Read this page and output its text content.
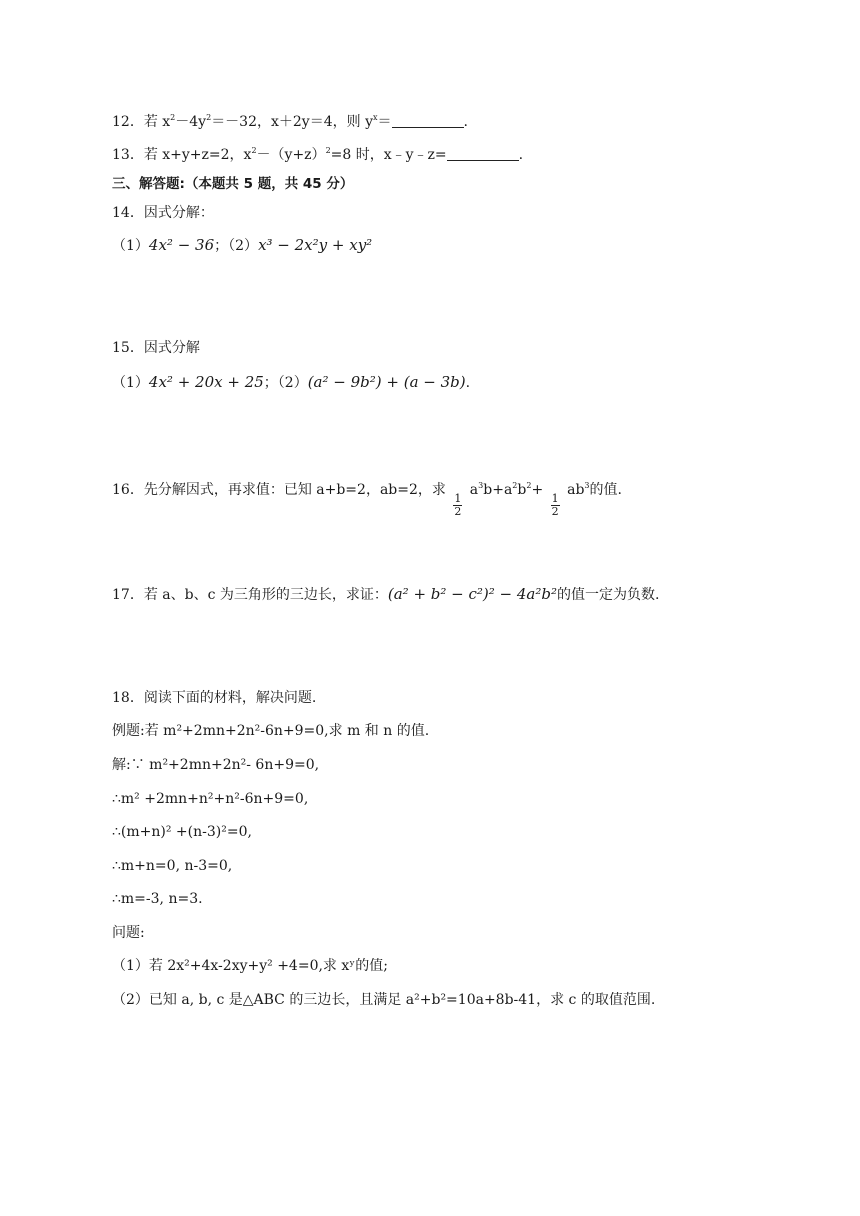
12．若 $x^2-4y^2=-32$，x＋2y＝4，则 $y^x=$	.
13．若 x+y+z=2，$x^2-(y+z)^2=8$ 时，x﹣y﹣z=	.
三、解答题:（本题共 5 题，共 45 分）
14．因式分解：
（1）4x² − 36；（2）x³ − 2x²y + xy²
15．因式分解
（1）4x² + 20x + 25；（2）(a² − 9b²) + (a − 3b).
16．先分解因式，再求值：已知 a+b=2，ab=2，求
$\frac{1}{2}$
$a^3b+a^2b^2+$
$\frac{1}{2}$
$ab^3$的值.
17．若 a、b、c 为三角形的三边长，求证：(a² + b² − c²)² − 4a²b²的值一定为负数.
18．阅读下面的材料，解决问题.
例题:若 m²+2mn+2n²-6n+9=0,求 m 和 n 的值.
解:∵ m²+2mn+2n²- 6n+9=0,
∴m² +2mn+n²+n²-6n+9=0,
∴(m+n)² +(n-3)²=0,
∴m+n=0, n-3=0,
∴m=-3, n=3.
问题:
（1）若 2x²+4x-2xy+y² +4=0,求 xʸ的值;
（2）已知 a, b, c 是△ABC 的三边长，且满足 a²+b²=10a+8b-41，求 c 的取值范围.
